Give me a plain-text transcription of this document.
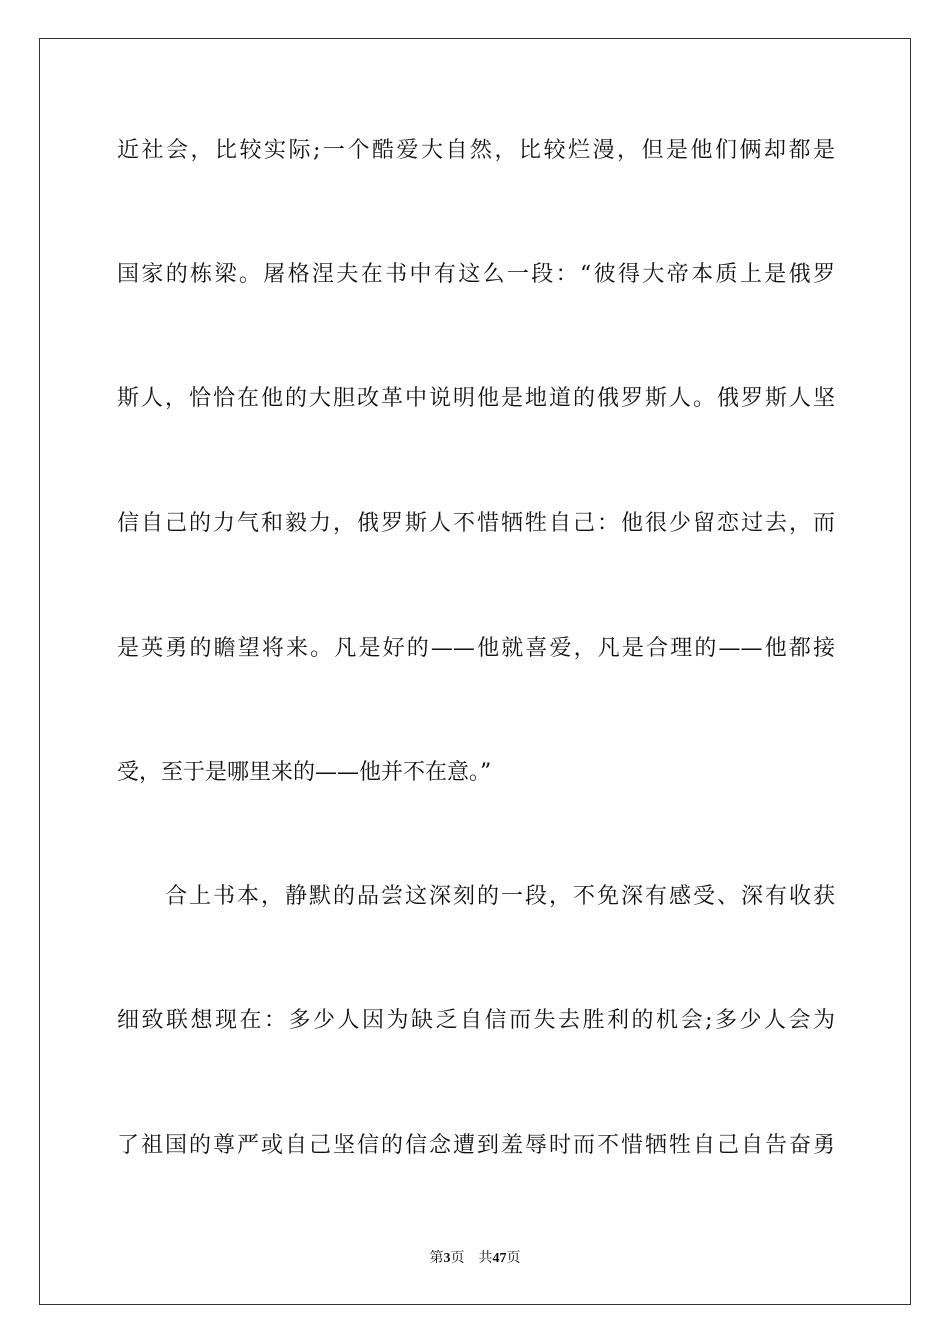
近社会，比较实际;一个酷爱大自然，比较烂漫，但是他们俩却都是
国家的栋梁。屠格涅夫在书中有这么一段：“彼得大帝本质上是俄罗
斯人，恰恰在他的大胆改革中说明他是地道的俄罗斯人。俄罗斯人坚
信自己的力气和毅力，俄罗斯人不惜牺牲自己：他很少留恋过去，而
是英勇的瞻望将来。凡是好的——他就喜爱，凡是合理的——他都接
受，至于是哪里来的——他并不在意。”
合上书本，静默的品尝这深刻的一段，不免深有感受、深有收获
细致联想现在：多少人因为缺乏自信而失去胜利的机会;多少人会为
了祖国的尊严或自己坚信的信念遭到羞辱时而不惜牺牲自己自告奋勇
第3页 共47页
